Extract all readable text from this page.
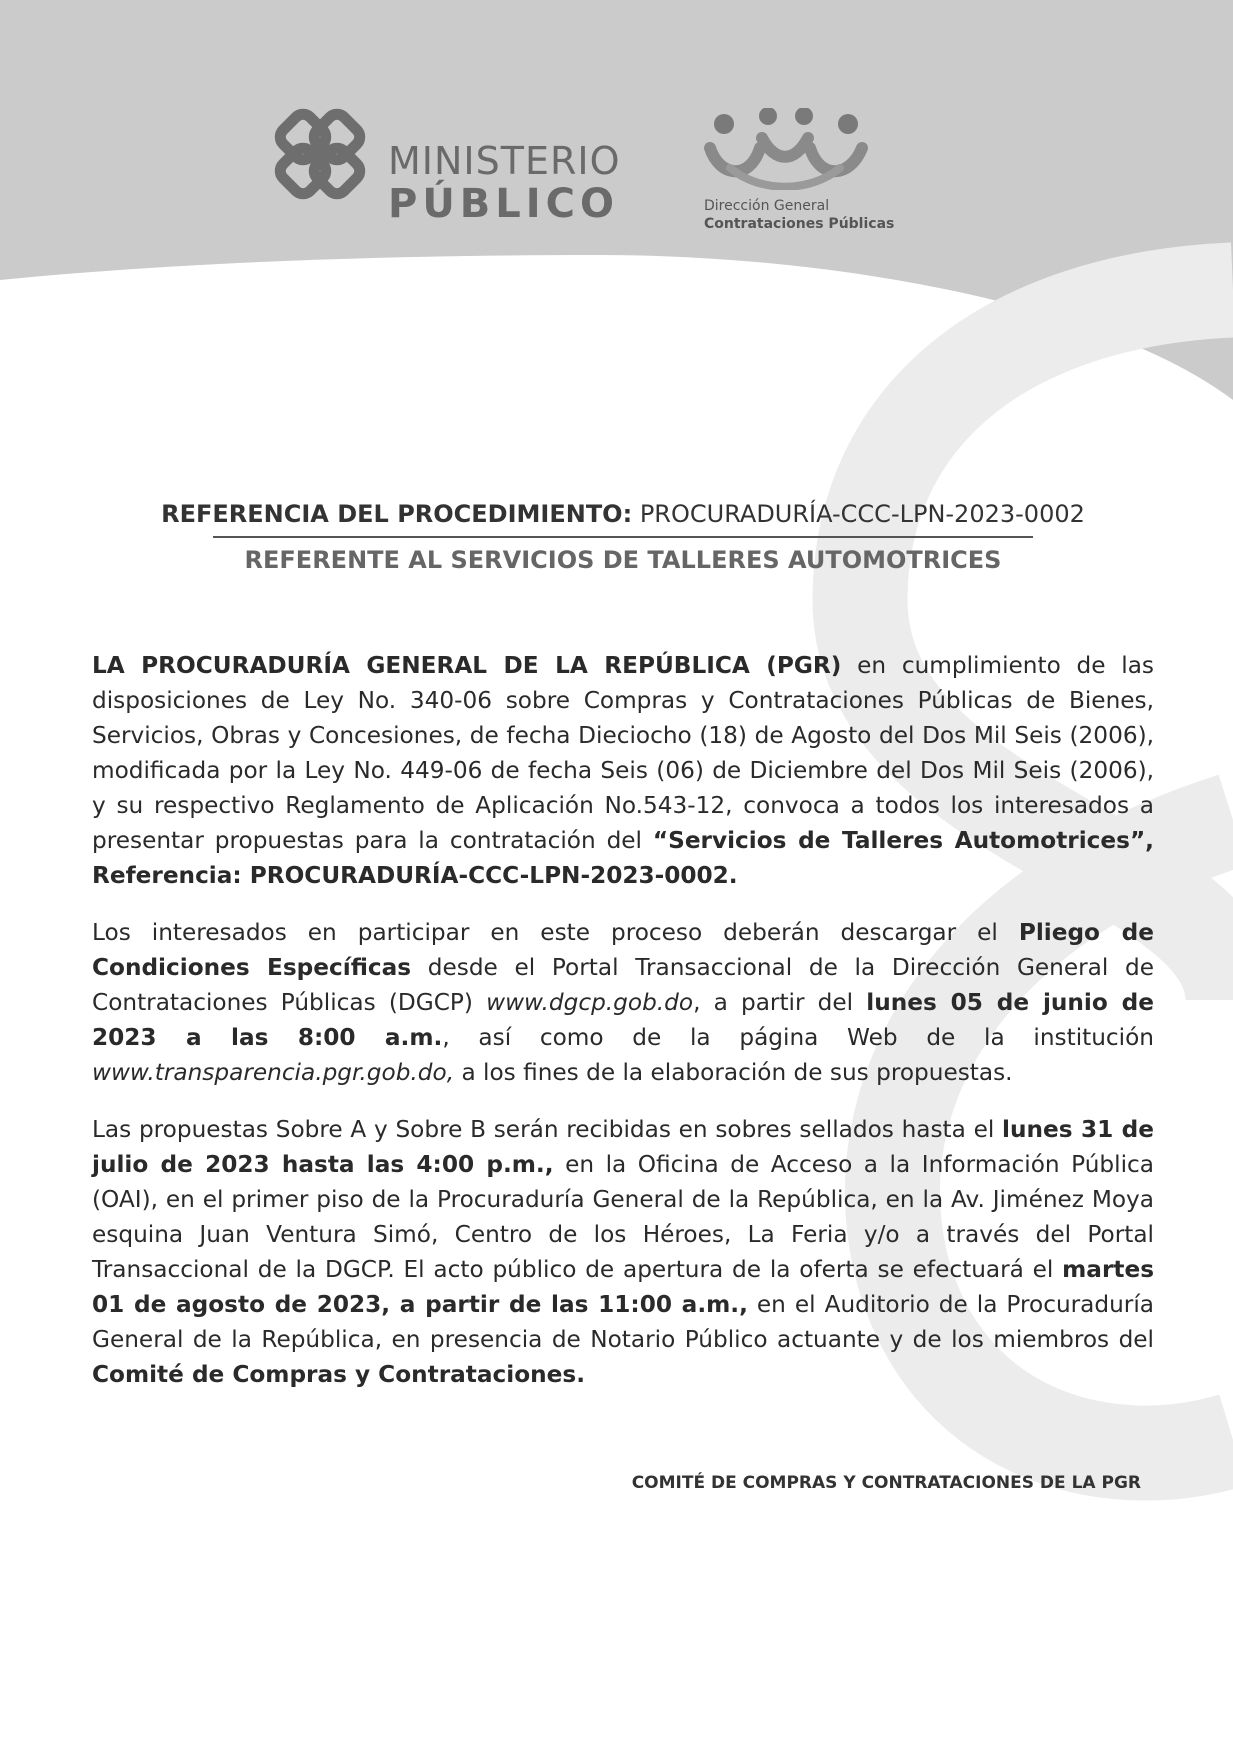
MINISTERIO
PÚBLICO	Dirección General
Contrataciones Públicas
REFERENCIA DEL PROCEDIMIENTO: PROCURADURÍA-CCC-LPN-2023-0002
REFERENTE AL SERVICIOS DE TALLERES AUTOMOTRICES

LA PROCURADURÍA GENERAL DE LA REPÚBLICA (PGR) en cumplimiento de las disposiciones de Ley No. 340-06 sobre Compras y Contrataciones Públicas de Bienes, Servicios, Obras y Concesiones, de fecha Dieciocho (18) de Agosto del Dos Mil Seis (2006), modificada por la Ley No. 449-06 de fecha Seis (06) de Diciembre del Dos Mil Seis (2006), y su respectivo Reglamento de Aplicación No.543-12, convoca a todos los interesados a presentar propuestas para la contratación del “Servicios de Talleres Automotrices”, Referencia: PROCURADURÍA-CCC-LPN-2023-0002.

Los interesados en participar en este proceso deberán descargar el Pliego de Condiciones Específicas desde el Portal Transaccional de la Dirección General de Contrataciones Públicas (DGCP) www.dgcp.gob.do, a partir del lunes 05 de junio de 2023 a las 8:00 a.m., así como de la página Web de la institución www.transparencia.pgr.gob.do, a los fines de la elaboración de sus propuestas.

Las propuestas Sobre A y Sobre B serán recibidas en sobres sellados hasta el lunes 31 de julio de 2023 hasta las 4:00 p.m., en la Oficina de Acceso a la Información Pública (OAI), en el primer piso de la Procuraduría General de la República, en la Av. Jiménez Moya esquina Juan Ventura Simó, Centro de los Héroes, La Feria y/o a través del Portal Transaccional de la DGCP. El acto público de apertura de la oferta se efectuará el martes 01 de agosto de 2023, a partir de las 11:00 a.m., en el Auditorio de la Procuraduría General de la República, en presencia de Notario Público actuante y de los miembros del Comité de Compras y Contrataciones.

COMITÉ DE COMPRAS Y CONTRATACIONES DE LA PGR
